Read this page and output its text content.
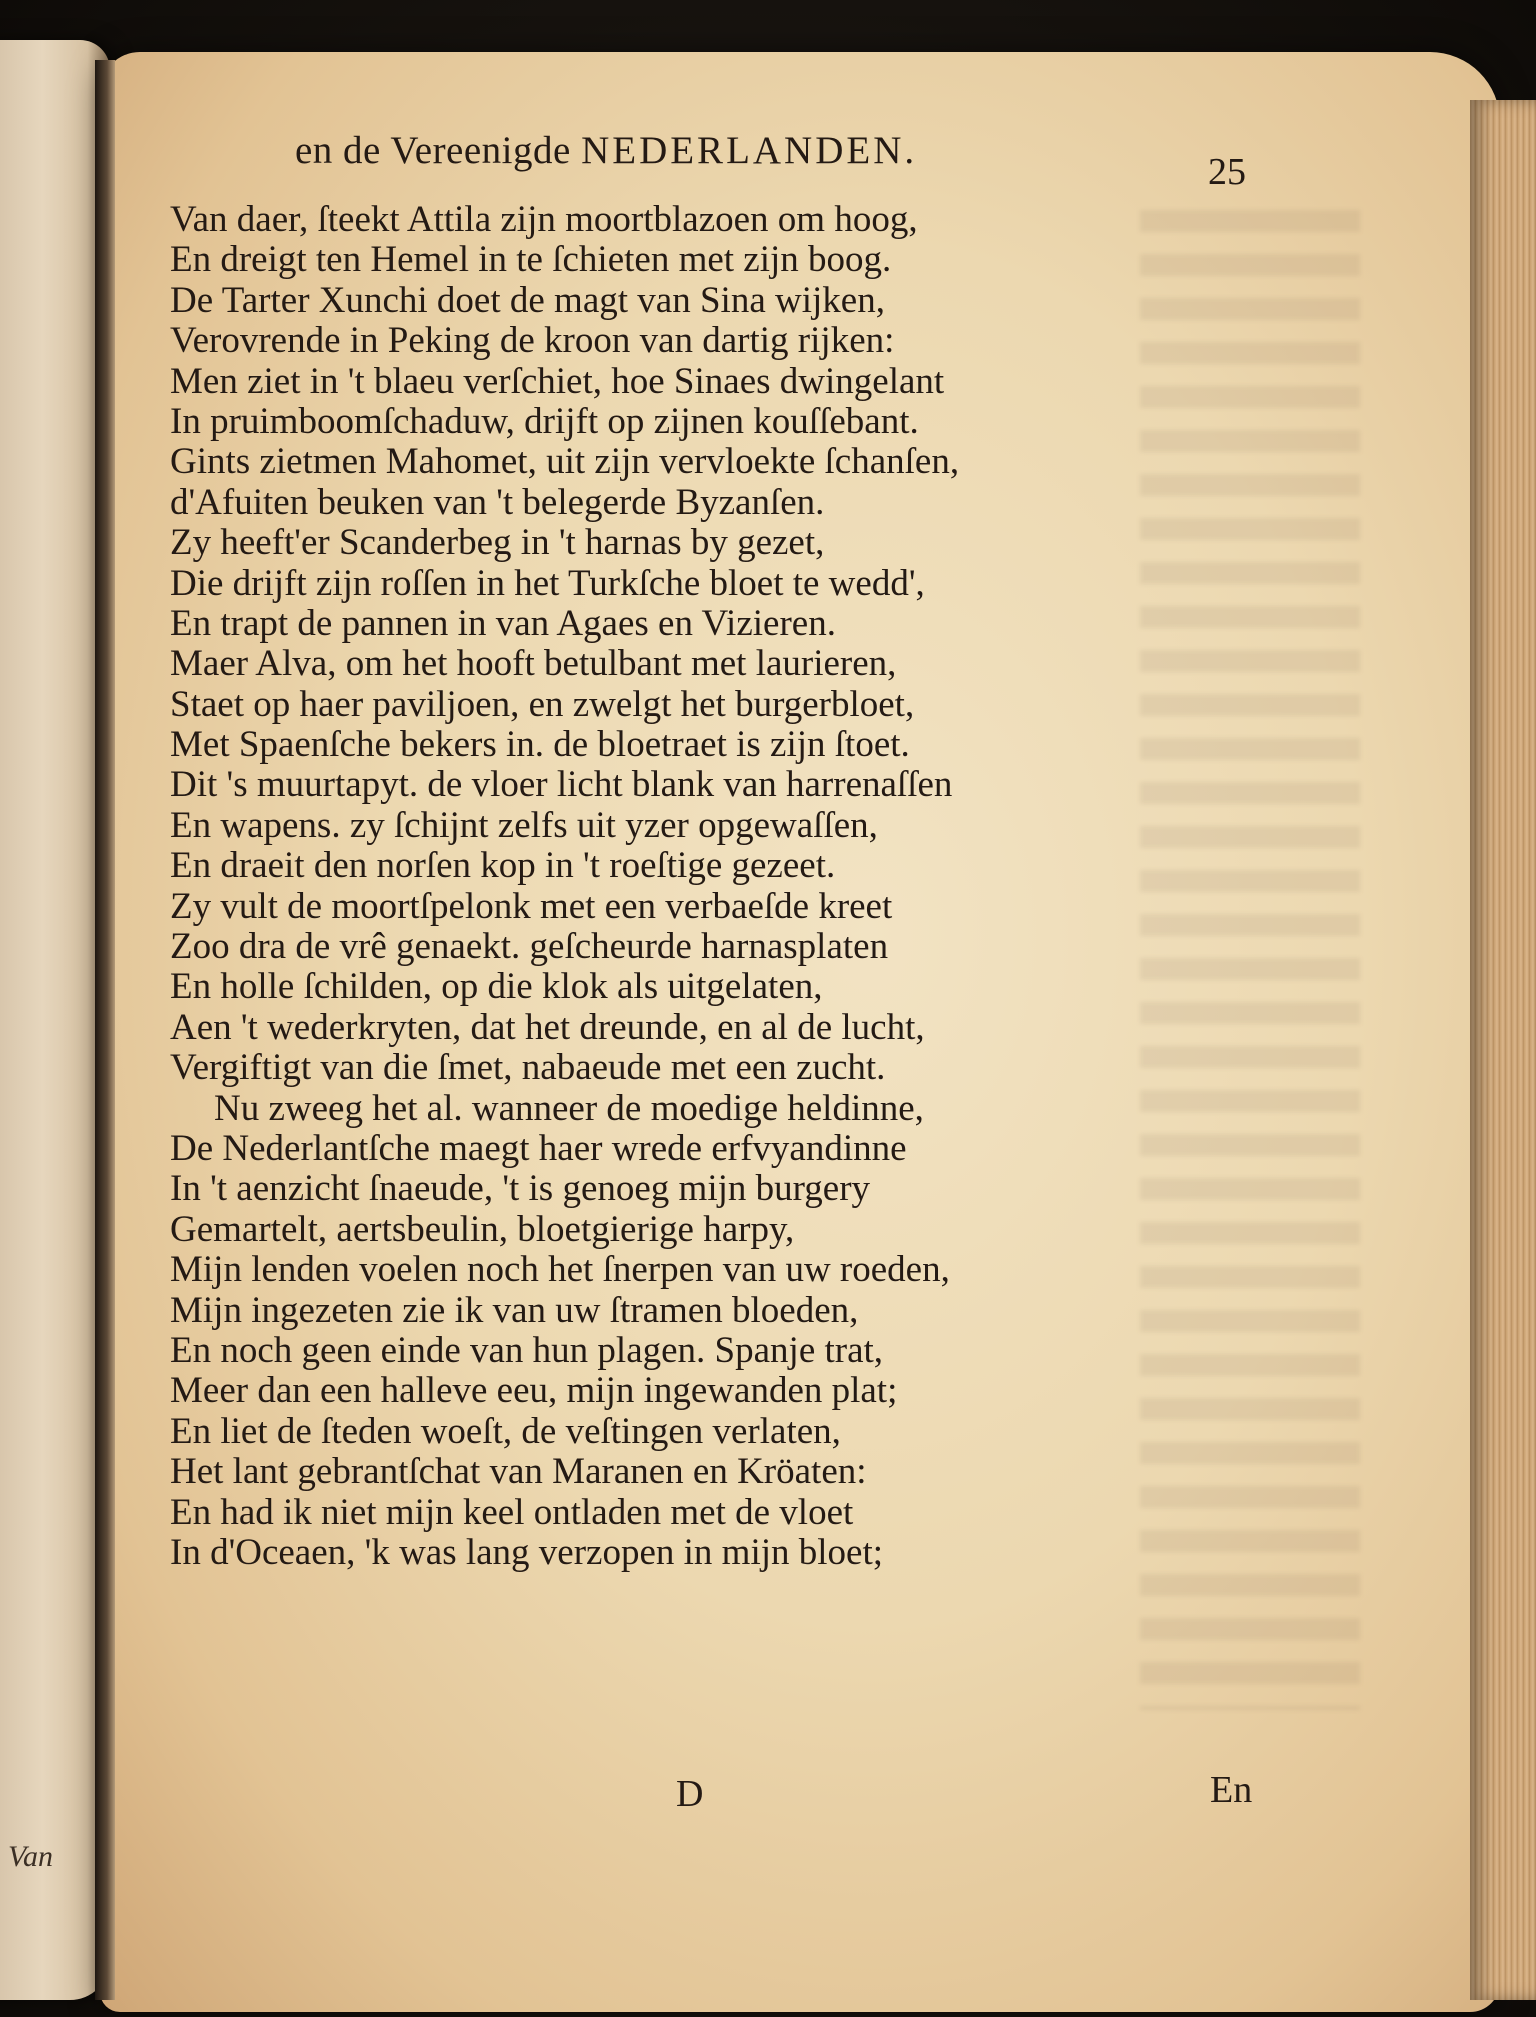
Van
en de Vereenigde NEDERLANDEN.	25
Van daer, ſteekt Attila zijn moortblazoen om hoog,
En dreigt ten Hemel in te ſchieten met zijn boog.
De Tarter Xunchi doet de magt van Sina wijken,
Verovrende in Peking de kroon van dartig rijken:
Men ziet in 't blaeu verſchiet, hoe Sinaes dwingelant
In pruimboomſchaduw, drijft op zijnen kouſſebant.
Gints zietmen Mahomet, uit zijn vervloekte ſchanſen,
d'Afuiten beuken van 't belegerde Byzanſen.
Zy heeft'er Scanderbeg in 't harnas by gezet,
Die drijft zijn roſſen in het Turkſche bloet te wedd',
En trapt de pannen in van Agaes en Vizieren.
Maer Alva, om het hooft betulbant met laurieren,
Staet op haer paviljoen, en zwelgt het burgerbloet,
Met Spaenſche bekers in. de bloetraet is zijn ſtoet.
Dit 's muurtapyt. de vloer licht blank van harrenaſſen
En wapens. zy ſchijnt zelfs uit yzer opgewaſſen,
En draeit den norſen kop in 't roeſtige gezeet.
Zy vult de moortſpelonk met een verbaeſde kreet
Zoo dra de vrê genaekt. geſcheurde harnasplaten
En holle ſchilden, op die klok als uitgelaten,
Aen 't wederkryten, dat het dreunde, en al de lucht,
Vergiftigt van die ſmet, nabaeude met een zucht.
Nu zweeg het al. wanneer de moedige heldinne,
De Nederlantſche maegt haer wrede erfvyandinne
In 't aenzicht ſnaeude, 't is genoeg mijn burgery
Gemartelt, aertsbeulin, bloetgierige harpy,
Mijn lenden voelen noch het ſnerpen van uw roeden,
Mijn ingezeten zie ik van uw ſtramen bloeden,
En noch geen einde van hun plagen. Spanje trat,
Meer dan een halleve eeu, mijn ingewanden plat;
En liet de ſteden woeſt, de veſtingen verlaten,
Het lant gebrantſchat van Maranen en Kröaten:
En had ik niet mijn keel ontladen met de vloet
In d'Oceaen, 'k was lang verzopen in mijn bloet;
D	En
